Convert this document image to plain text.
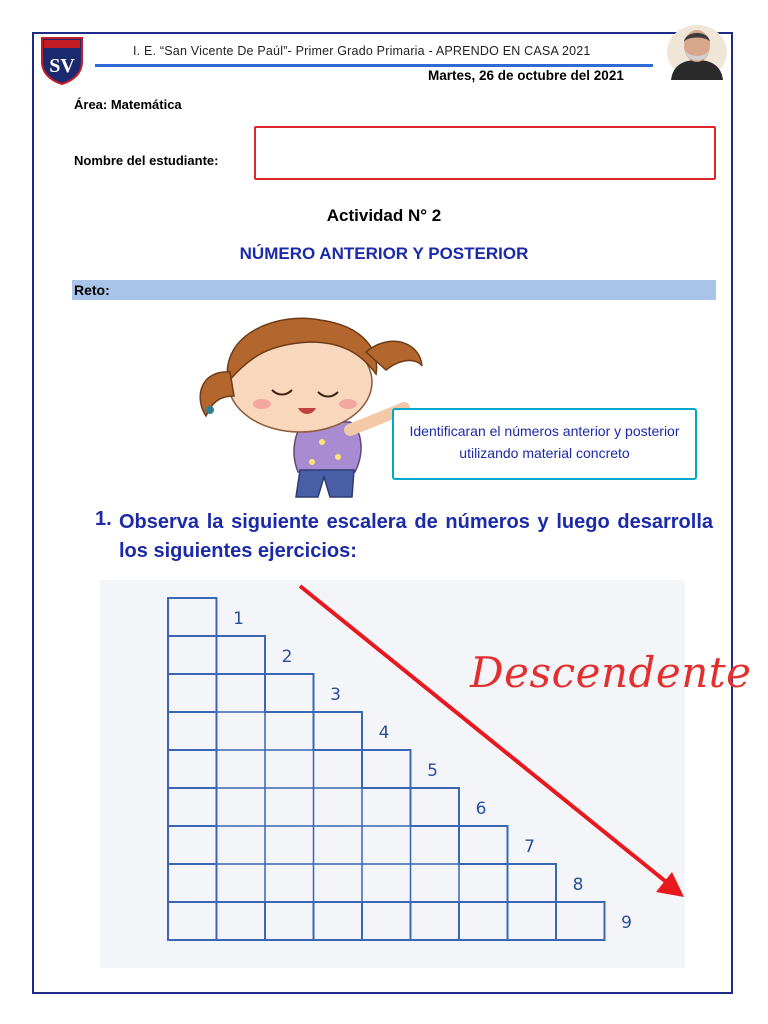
SV
I. E. “San Vicente De Paúl”- Primer Grado Primaria - APRENDO EN CASA 2021
Martes, 26 de octubre del 2021
Área: Matemática
Nombre del estudiante:
Actividad N° 2
NÚMERO ANTERIOR Y POSTERIOR
Reto:
Identificaran el números anterior y posterior utilizando material concreto
1. Observa la siguiente escalera de números y luego desarrolla los siguientes ejercicios:
1
2
3
4
5
6
7
8
9
Descendente
